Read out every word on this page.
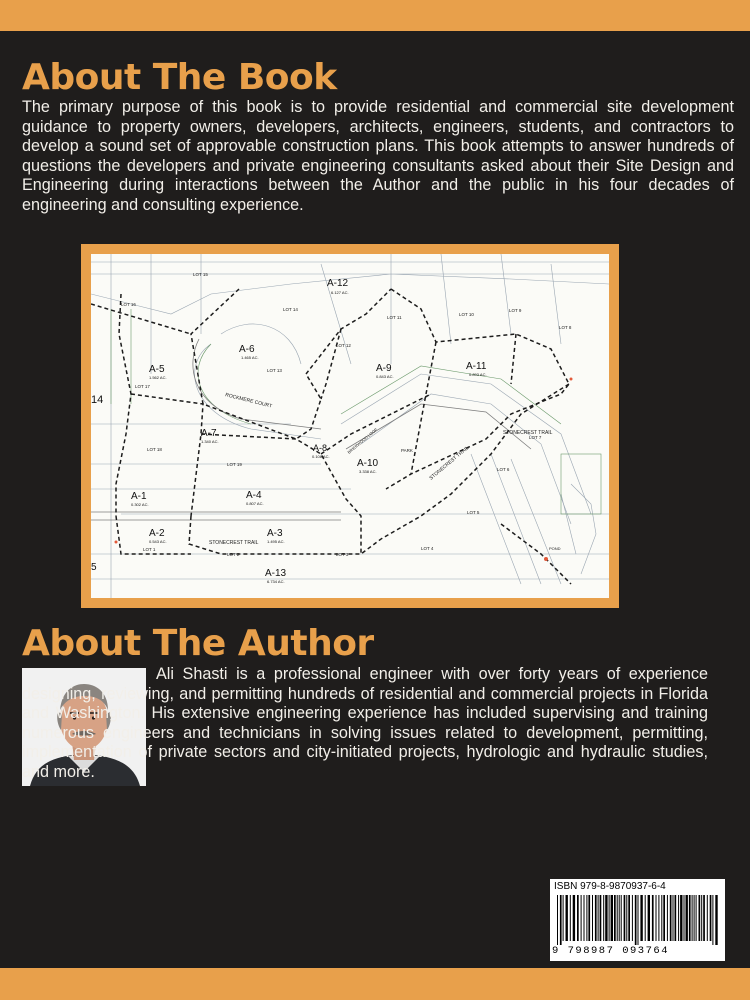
About The Book

The primary purpose of this book is to provide residential and commercial site development guidance to property owners, developers, architects, engineers, students, and contractors to develop a sound set of approvable construction plans. This book attempts to answer hundreds of questions the developers and private engineering consultants asked about their Site Design and Engineering during interactions between the Author and the public in his four decades of engineering and consulting experience.

A-12
6.127 AC.
A-6
1.465 AC.
A-5
1.562 AC.
A-9
0.843 AC.
A-11
0.893 AC.
A-7
1.340 AC.
A-8
0.108 AC.
A-10
3.338 AC.
A-1
0.302 AC.
A-4
0.807 AC.
A-2
0.543 AC.
A-3
1.495 AC.
A-13
6.734 AC.
LOT 15
LOT 16
LOT 14
LOT 11
LOT 10
LOT 9
LOT 8
LOT 12
LOT 13
LOT 17
LOT 18
LOT 19
LOT 7
LOT 6
LOT 5
LOT 4
LOT 3
LOT 2
LOT 1
ROCKMERE COURT
BRIERWOOD LOOP	PARK	STONECREST TRAIL
STONECREST TRAIL
STONECREST TRAIL
POND
14
5
About The Author

Ali Shasti is a professional engineer with over forty years of experience designing, reviewing, and permitting hundreds of residential and commercial projects in Florida and Washington. His extensive engineering experience has included supervising and training numerous engineers and technicians in solving issues related to development, permitting, implementation of private sectors and city-initiated projects, hydrologic and hydraulic studies, and more.

ISBN 979-8-9870937-6-4
9 798987 093764
